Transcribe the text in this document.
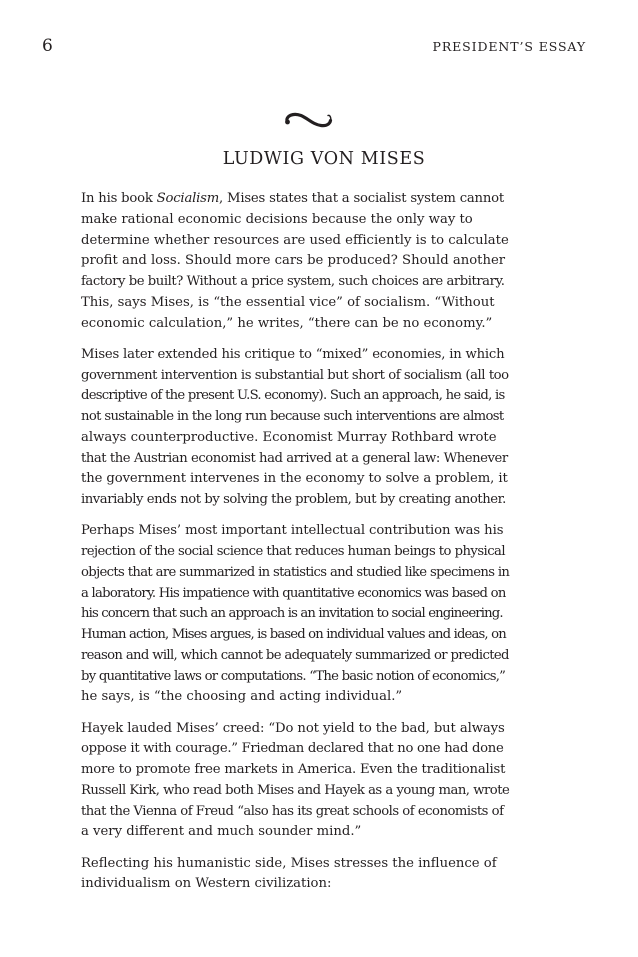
6	PRESIDENT’S ESSAY
LUDWIG VON MISES

In his book Socialism, Mises states that a socialist system cannot
make rational economic decisions because the only way to
determine whether resources are used efficiently is to calculate
profit and loss. Should more cars be produced? Should another
factory be built? Without a price system, such choices are arbitrary.
This, says Mises, is “the essential vice” of socialism. “Without
economic calculation,” he writes, “there can be no economy.”

Mises later extended his critique to “mixed” economies, in which
government intervention is substantial but short of socialism (all too
descriptive of the present U.S. economy). Such an approach, he said, is
not sustainable in the long run because such interventions are almost
always counterproductive. Economist Murray Rothbard wrote
that the Austrian economist had arrived at a general law: Whenever
the government intervenes in the economy to solve a problem, it
invariably ends not by solving the problem, but by creating another.

Perhaps Mises’ most important intellectual contribution was his
rejection of the social science that reduces human beings to physical
objects that are summarized in statistics and studied like specimens in
a laboratory. His impatience with quantitative economics was based on
his concern that such an approach is an invitation to social engineering.
Human action, Mises argues, is based on individual values and ideas, on
reason and will, which cannot be adequately summarized or predicted
by quantitative laws or computations. “The basic notion of economics,”
he says, is “the choosing and acting individual.”

Hayek lauded Mises’ creed: “Do not yield to the bad, but always
oppose it with courage.” Friedman declared that no one had done
more to promote free markets in America. Even the traditionalist
Russell Kirk, who read both Mises and Hayek as a young man, wrote
that the Vienna of Freud “also has its great schools of economists of
a very different and much sounder mind.”

Reflecting his humanistic side, Mises stresses the influence of
individualism on Western civilization:
